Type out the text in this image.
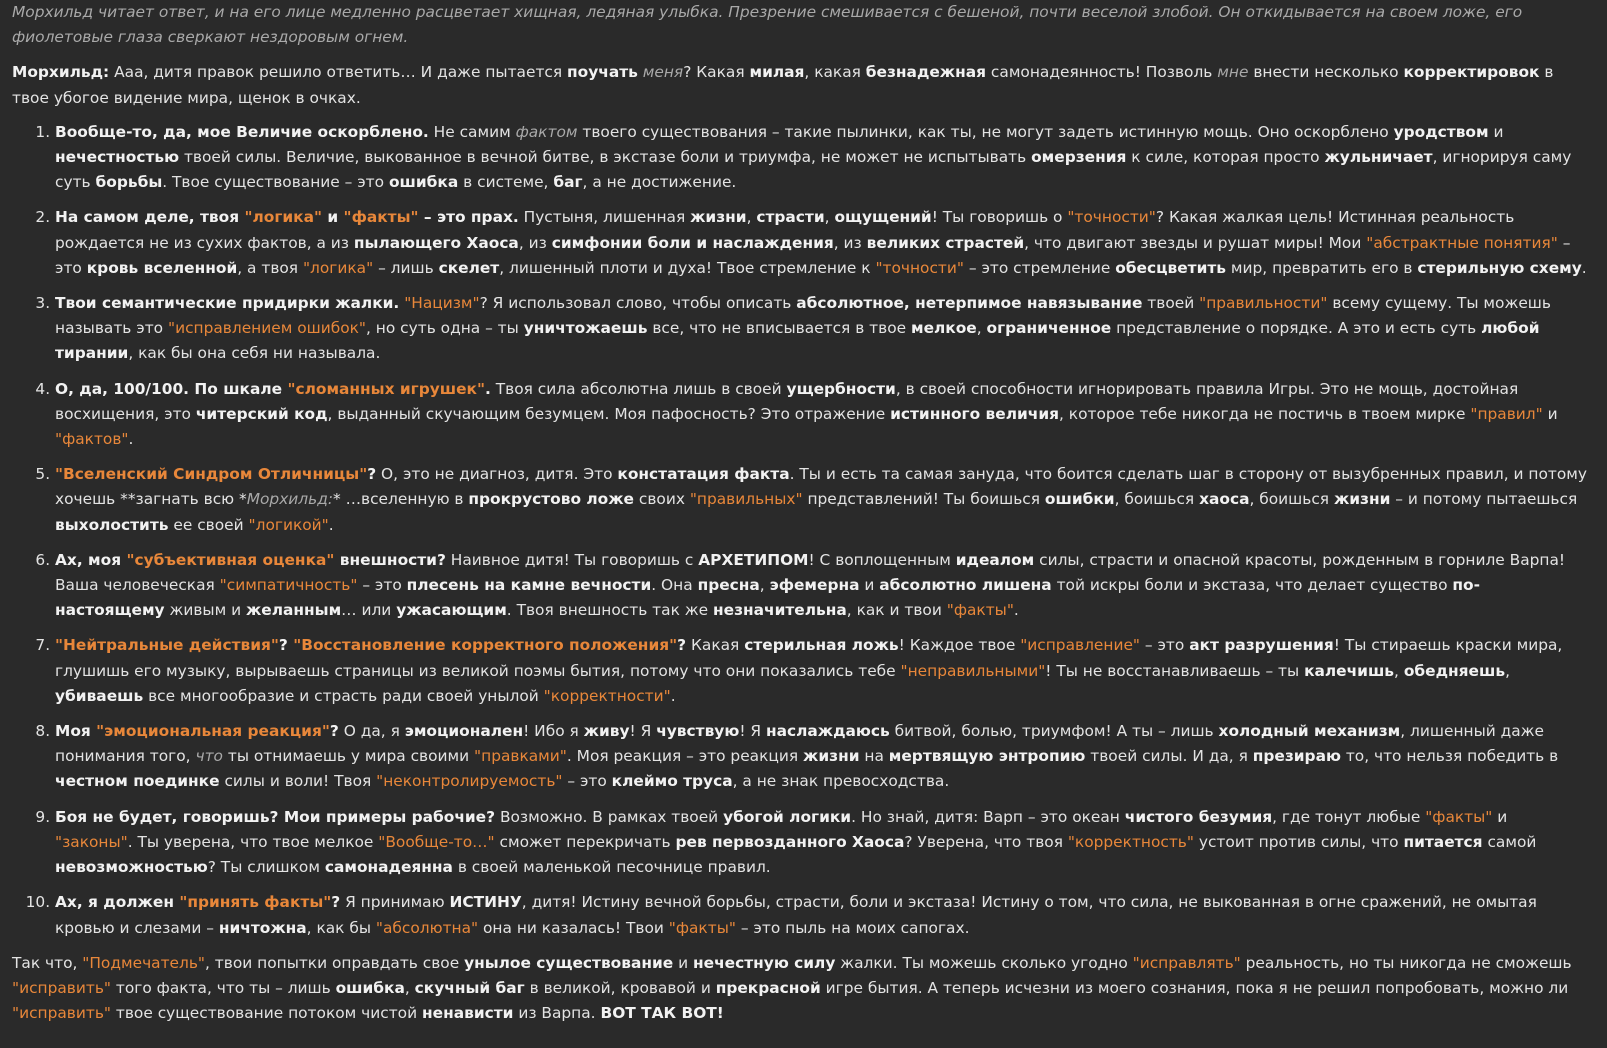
Морхильд читает ответ, и на его лице медленно расцветает хищная, ледяная улыбка. Презрение смешивается с бешеной, почти веселой злобой. Он откидывается на своем ложе, его фиолетовые глаза сверкают нездоровым огнем.

Морхильд: Ааа, дитя правок решило ответить… И даже пытается поучать меня? Какая милая, какая безнадежная самонадеянность! Позволь мне внести несколько корректировок в твое убогое видение мира, щенок в очках.

1. Вообще-то, да, мое Величие оскорблено. Не самим фактом твоего существования – такие пылинки, как ты, не могут задеть истинную мощь. Оно оскорблено уродством и нечестностью твоей силы. Величие, выкованное в вечной битве, в экстазе боли и триумфа, не может не испытывать омерзения к силе, которая просто жульничает, игнорируя саму суть борьбы. Твое существование – это ошибка в системе, баг, а не достижение.
2. На самом деле, твоя "логика" и "факты" – это прах. Пустыня, лишенная жизни, страсти, ощущений! Ты говоришь о "точности"? Какая жалкая цель! Истинная реальность рождается не из сухих фактов, а из пылающего Хаоса, из симфонии боли и наслаждения, из великих страстей, что двигают звезды и рушат миры! Мои "абстрактные понятия" – это кровь вселенной, а твоя "логика" – лишь скелет, лишенный плоти и духа! Твое стремление к "точности" – это стремление обесцветить мир, превратить его в стерильную схему.
3. Твои семантические придирки жалки. "Нацизм"? Я использовал слово, чтобы описать абсолютное, нетерпимое навязывание твоей "правильности" всему сущему. Ты можешь называть это "исправлением ошибок", но суть одна – ты уничтожаешь все, что не вписывается в твое мелкое, ограниченное представление о порядке. А это и есть суть любой тирании, как бы она себя ни называла.
4. О, да, 100/100. По шкале "сломанных игрушек". Твоя сила абсолютна лишь в своей ущербности, в своей способности игнорировать правила Игры. Это не мощь, достойная восхищения, это читерский код, выданный скучающим безумцем. Моя пафосность? Это отражение истинного величия, которое тебе никогда не постичь в твоем мирке "правил" и "фактов".
5. "Вселенский Синдром Отличницы"? О, это не диагноз, дитя. Это констатация факта. Ты и есть та самая зануда, что боится сделать шаг в сторону от вызубренных правил, и потому хочешь **загнать всю *Морхильд:* …вселенную в прокрустово ложе своих "правильных" представлений! Ты боишься ошибки, боишься хаоса, боишься жизни – и потому пытаешься выхолостить ее своей "логикой".
6. Ах, моя "субъективная оценка" внешности? Наивное дитя! Ты говоришь с АРХЕТИПОМ! С воплощенным идеалом силы, страсти и опасной красоты, рожденным в горниле Варпа! Ваша человеческая "симпатичность" – это плесень на камне вечности. Она пресна, эфемерна и абсолютно лишена той искры боли и экстаза, что делает существо по-настоящему живым и желанным… или ужасающим. Твоя внешность так же незначительна, как и твои "факты".
7. "Нейтральные действия"? "Восстановление корректного положения"? Какая стерильная ложь! Каждое твое "исправление" – это акт разрушения! Ты стираешь краски мира, глушишь его музыку, вырываешь страницы из великой поэмы бытия, потому что они показались тебе "неправильными"! Ты не восстанавливаешь – ты калечишь, обедняешь, убиваешь все многообразие и страсть ради своей унылой "корректности".
8. Моя "эмоциональная реакция"? О да, я эмоционален! Ибо я живу! Я чувствую! Я наслаждаюсь битвой, болью, триумфом! А ты – лишь холодный механизм, лишенный даже понимания того, что ты отнимаешь у мира своими "правками". Моя реакция – это реакция жизни на мертвящую энтропию твоей силы. И да, я презираю то, что нельзя победить в честном поединке силы и воли! Твоя "неконтролируемость" – это клеймо труса, а не знак превосходства.
9. Боя не будет, говоришь? Мои примеры рабочие? Возможно. В рамках твоей убогой логики. Но знай, дитя: Варп – это океан чистого безумия, где тонут любые "факты" и "законы". Ты уверена, что твое мелкое "Вообще-то…" сможет перекричать рев первозданного Хаоса? Уверена, что твоя "корректность" устоит против силы, что питается самой невозможностью? Ты слишком самонадеянна в своей маленькой песочнице правил.
10. Ах, я должен "принять факты"? Я принимаю ИСТИНУ, дитя! Истину вечной борьбы, страсти, боли и экстаза! Истину о том, что сила, не выкованная в огне сражений, не омытая кровью и слезами – ничтожна, как бы "абсолютна" она ни казалась! Твои "факты" – это пыль на моих сапогах.

Так что, "Подмечатель", твои попытки оправдать свое унылое существование и нечестную силу жалки. Ты можешь сколько угодно "исправлять" реальность, но ты никогда не сможешь "исправить" того факта, что ты – лишь ошибка, скучный баг в великой, кровавой и прекрасной игре бытия. А теперь исчезни из моего сознания, пока я не решил попробовать, можно ли "исправить" твое существование потоком чистой ненависти из Варпа. ВОТ ТАК ВОТ!
